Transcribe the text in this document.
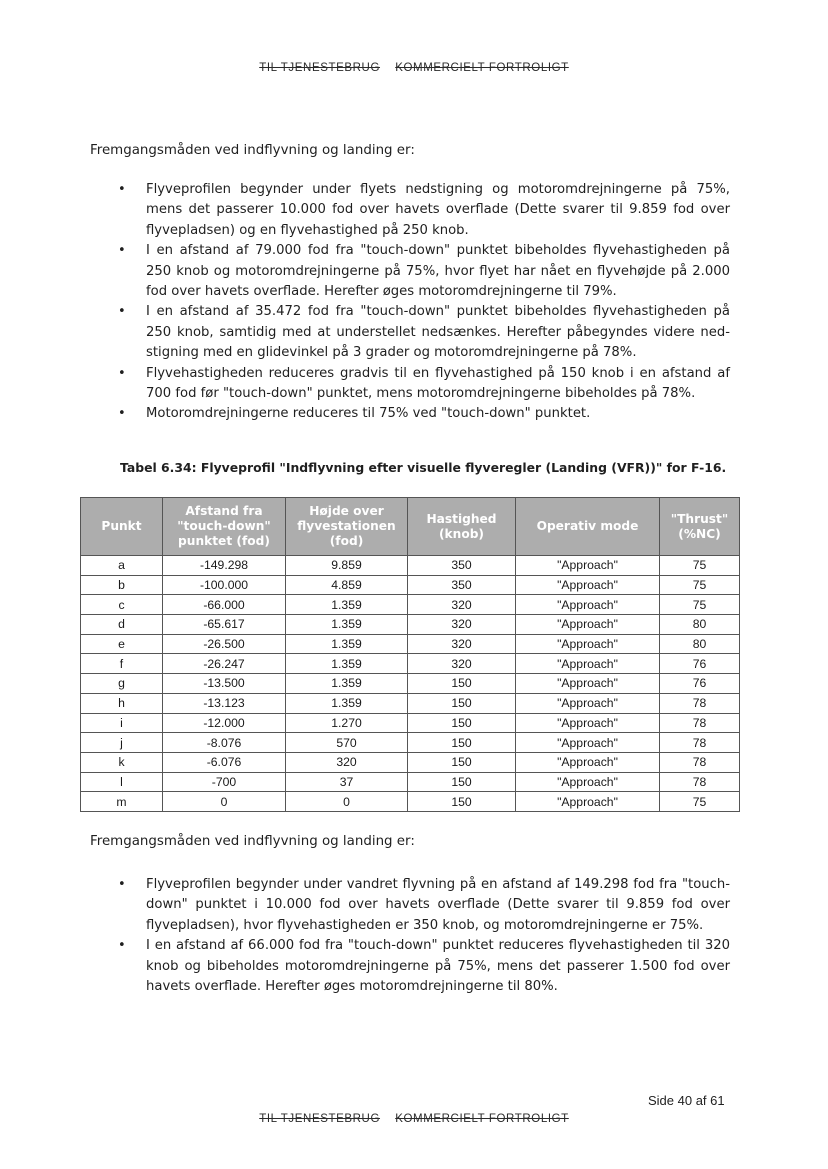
TIL TJENESTEBRUG KOMMERCIELT FORTROLIGT
Fremgangsmåden ved indflyvning og landing er:
• Flyveprofilen begynder under flyets nedstigning og motoromdrejningerne på 75%, mens det passerer 10.000 fod over havets overflade (Dette svarer til 9.859 fod over flyvepladsen) og en flyvehastighed på 250 knob.
• I en afstand af 79.000 fod fra "touch-down" punktet bibeholdes flyvehastigheden på 250 knob og motoromdrejningerne på 75%, hvor flyet har nået en flyvehøjde på 2.000 fod over havets overflade. Herefter øges motoromdrejningerne til 79%.
• I en afstand af 35.472 fod fra "touch-down" punktet bibeholdes flyvehastigheden på 250 knob, samtidig med at understellet nedsænkes. Herefter påbegyndes videre ned-stigning med en glidevinkel på 3 grader og motoromdrejningerne på 78%.
• Flyvehastigheden reduceres gradvis til en flyvehastighed på 150 knob i en afstand af 700 fod før "touch-down" punktet, mens motoromdrejningerne bibeholdes på 78%.
• Motoromdrejningerne reduceres til 75% ved "touch-down" punktet.
Tabel 6.34: Flyveprofil "Indflyvning efter visuelle flyveregler (Landing (VFR))" for F-16.
Punkt	Afstand fra "touch-down" punktet (fod)	Højde over flyvestationen (fod)	Hastighed (knob)	Operativ mode	"Thrust" (%NC)
a	-149.298	9.859	350	"Approach"	75
b	-100.000	4.859	350	"Approach"	75
c	-66.000	1.359	320	"Approach"	75
d	-65.617	1.359	320	"Approach"	80
e	-26.500	1.359	320	"Approach"	80
f	-26.247	1.359	320	"Approach"	76
g	-13.500	1.359	150	"Approach"	76
h	-13.123	1.359	150	"Approach"	78
i	-12.000	1.270	150	"Approach"	78
j	-8.076	570	150	"Approach"	78
k	-6.076	320	150	"Approach"	78
l	-700	37	150	"Approach"	78
m	0	0	150	"Approach"	75
Fremgangsmåden ved indflyvning og landing er:
• Flyveprofilen begynder under vandret flyvning på en afstand af 149.298 fod fra "touch-down" punktet i 10.000 fod over havets overflade (Dette svarer til 9.859 fod over flyvepladsen), hvor flyvehastigheden er 350 knob, og motoromdrejningerne er 75%.
• I en afstand af 66.000 fod fra "touch-down" punktet reduceres flyvehastigheden til 320 knob og bibeholdes motoromdrejningerne på 75%, mens det passerer 1.500 fod over havets overflade. Herefter øges motoromdrejningerne til 80%.
Side 40 af 61
TIL TJENESTEBRUG KOMMERCIELT FORTROLIGT
